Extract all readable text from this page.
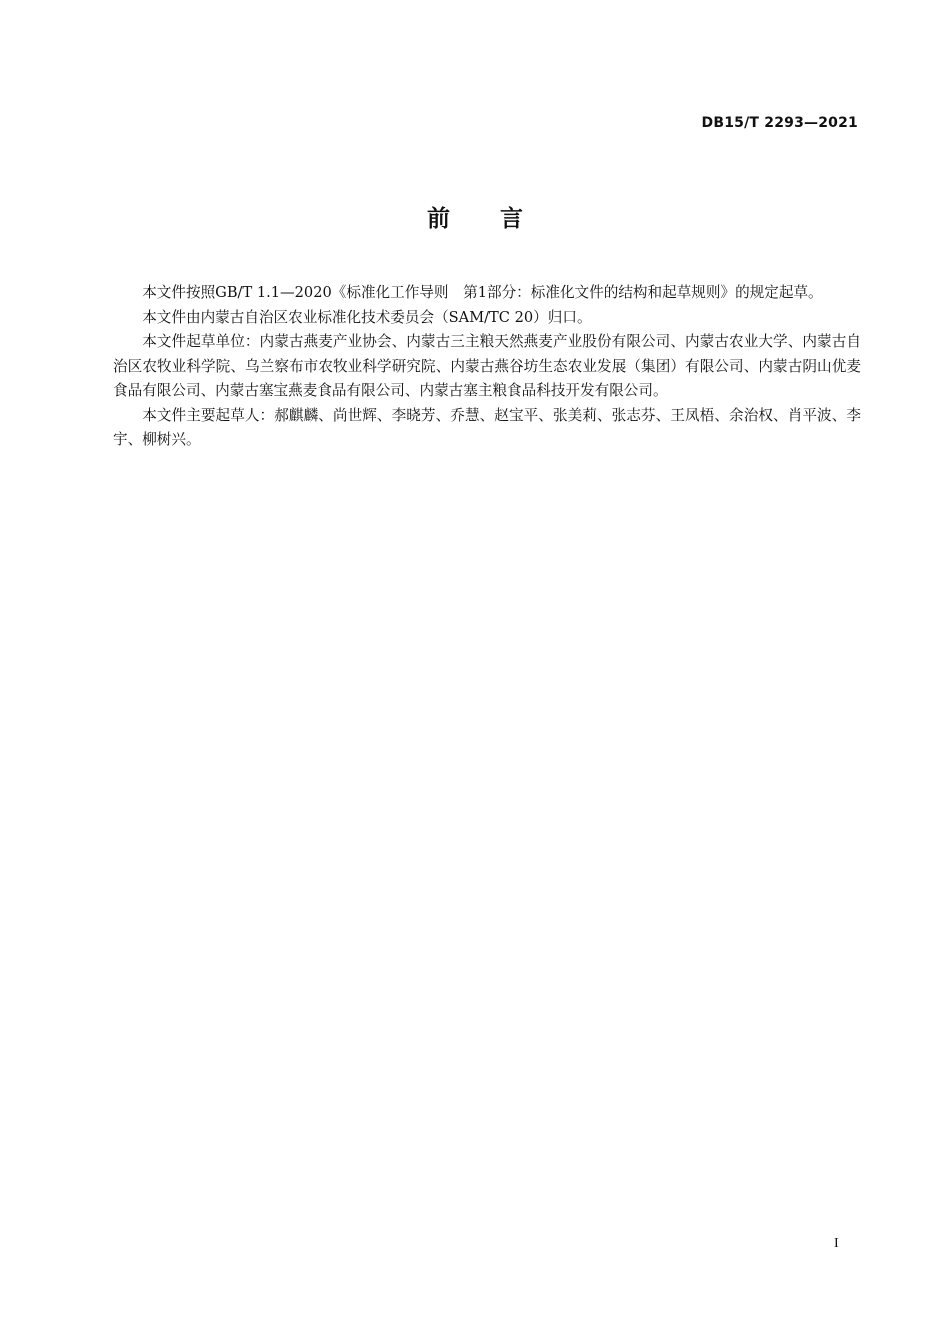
DB15/T 2293—2021
前言

本文件按照GB/T 1.1—2020《标准化工作导则　第1部分：标准化文件的结构和起草规则》的规定起草。

本文件由内蒙古自治区农业标准化技术委员会（SAM/TC 20）归口。

本文件起草单位：内蒙古燕麦产业协会、内蒙古三主粮天然燕麦产业股份有限公司、内蒙古农业大学、内蒙古自治区农牧业科学院、乌兰察布市农牧业科学研究院、内蒙古燕谷坊生态农业发展（集团）有限公司、内蒙古阴山优麦食品有限公司、内蒙古塞宝燕麦食品有限公司、内蒙古塞主粮食品科技开发有限公司。

本文件主要起草人：郝麒麟、尚世辉、李晓芳、乔慧、赵宝平、张美莉、张志芬、王凤梧、余治权、肖平波、李宇、柳树兴。

I
